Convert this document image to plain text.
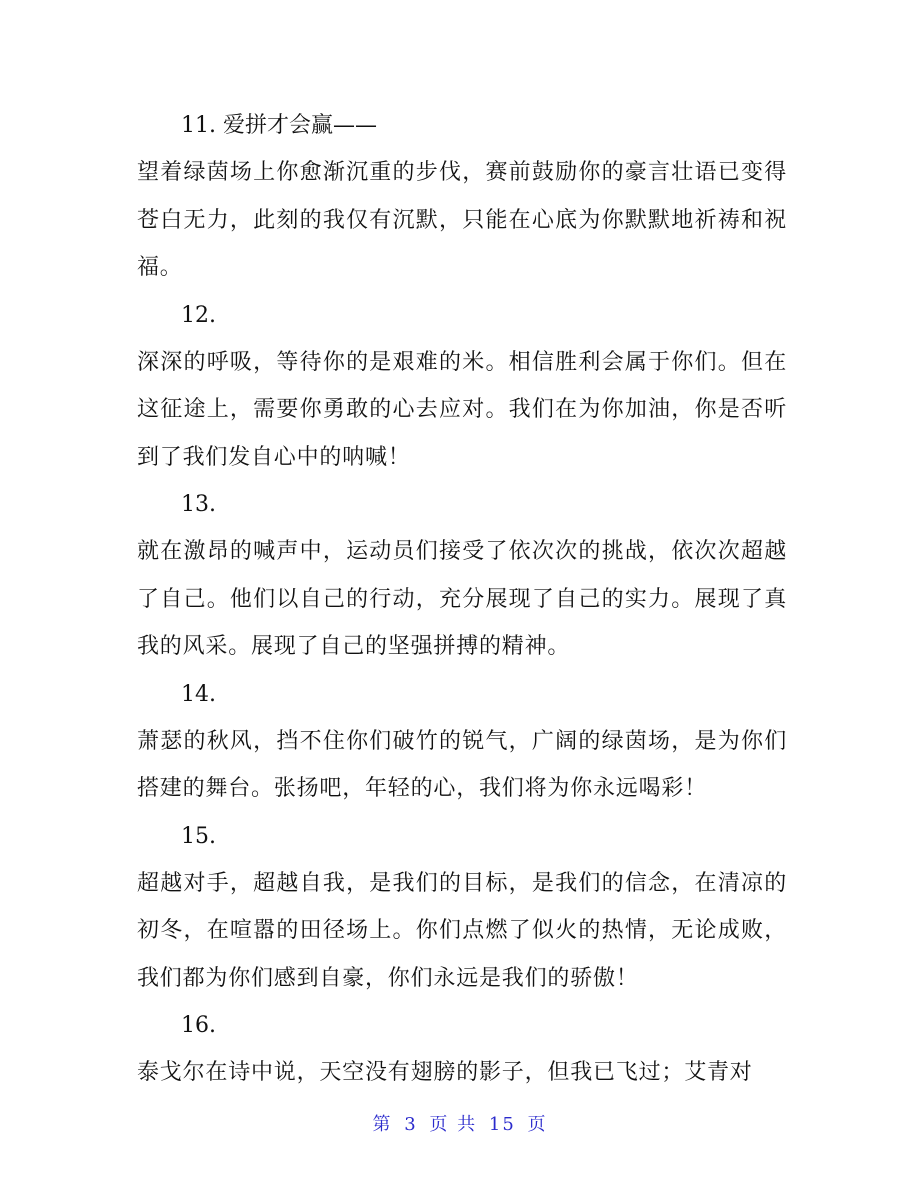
11. 爱拼才会赢——
望着绿茵场上你愈渐沉重的步伐，赛前鼓励你的豪言壮语已变得苍白无力，此刻的我仅有沉默，只能在心底为你默默地祈祷和祝福。
12.
深深的呼吸，等待你的是艰难的米。相信胜利会属于你们。但在这征途上，需要你勇敢的心去应对。我们在为你加油，你是否听到了我们发自心中的呐喊！
13.
就在激昂的喊声中，运动员们接受了依次次的挑战，依次次超越了自己。他们以自己的行动，充分展现了自己的实力。展现了真我的风采。展现了自己的坚强拼搏的精神。
14.
萧瑟的秋风，挡不住你们破竹的锐气，广阔的绿茵场，是为你们搭建的舞台。张扬吧，年轻的心，我们将为你永远喝彩！
15.
超越对手，超越自我，是我们的目标，是我们的信念，在清凉的初冬，在喧嚣的田径场上。你们点燃了似火的热情，无论成败，我们都为你们感到自豪，你们永远是我们的骄傲！
16.
泰戈尔在诗中说，天空没有翅膀的影子，但我已飞过；艾青对
第 3 页 共 15 页
